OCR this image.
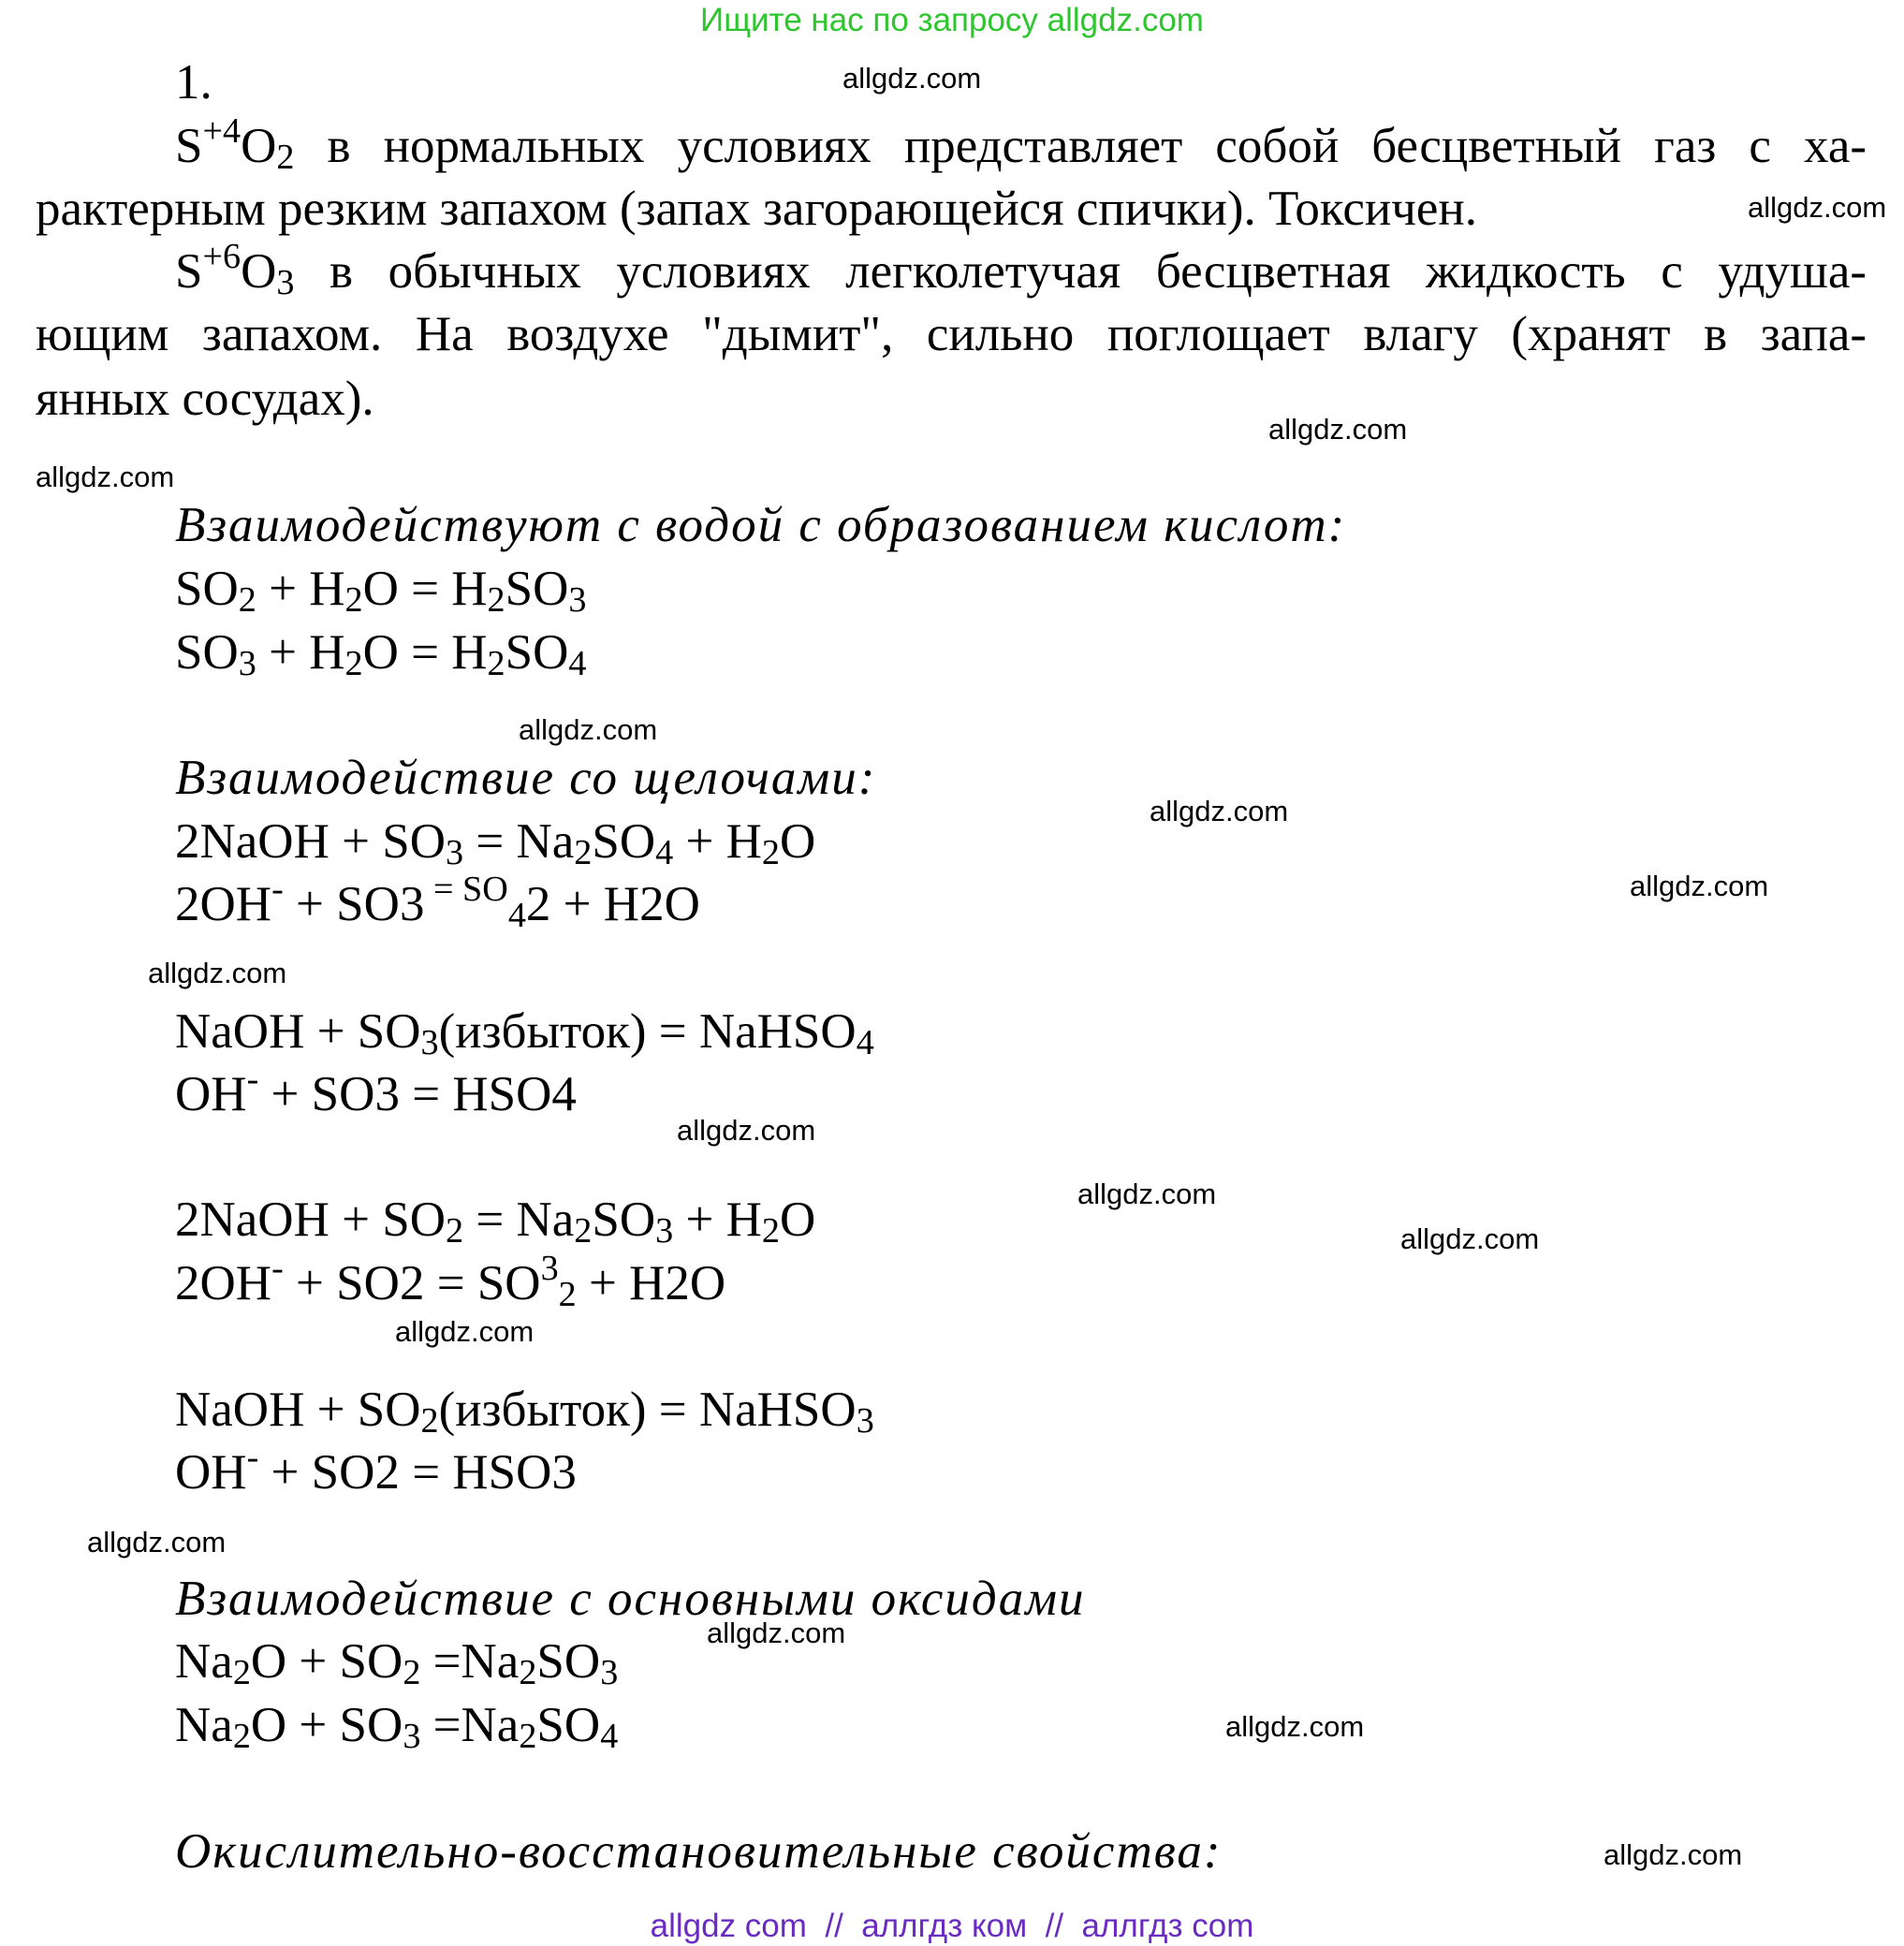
Ищите нас по запросу allgdz.com
1.
$S^{+4}O_2$ в нормальных условиях представляет собой бесцветный газ с ха-
рактерным резким запахом (запах загорающейся спички). Токсичен.
$S^{+6}O_3$ в обычных условиях легколетучая бесцветная жидкость с удуша-
ющим запахом. На воздухе "дымит", сильно поглощает влагу (хранят в запа-
янных сосудах).
Взаимодействуют с водой с образованием кислот:
$SO_2 + H_2O = H_2SO_3$
$SO_3 + H_2O = H_2SO_4$
Взаимодействие со щелочами:
2NaOH + $SO_3 = Na_2SO_4 + H_2O$
2OH- + SO3 $^{= SO}_4$2 + H2O
NaOH + $SO_3(избыток)$ = NaHSO$_4$
OH- + SO3 = HSO4
2NaOH + $SO_2 = Na_2SO_3 + H_2O$
$2OH^- + SO2 = SO^3_2 + H2O$
NaOH + $SO_2(избыток)$ = NaHSO$_3$
OH- + SO2 = HSO3
Взаимодействие с основными оксидами
$Na_2O + SO_2 =Na_2SO_3$
$Na_2O + SO_3 =Na_2SO_4$
Окислительно-восстановительные свойства:
allgdz.com
allgdz.com
allgdz.com
allgdz.com
allgdz.com
allgdz.com
allgdz.com
allgdz.com
allgdz.com
allgdz.com
allgdz.com
allgdz.com
allgdz.com
allgdz.com
allgdz.com
allgdz.com
allgdz com  //  аллгдз ком  //  аллгдз com
